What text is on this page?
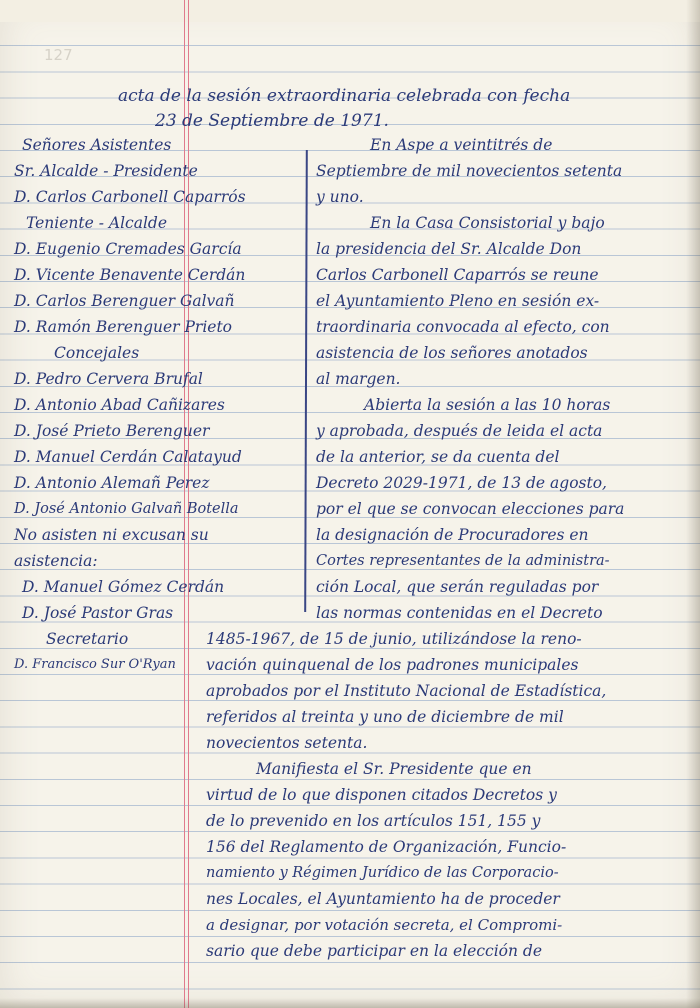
127
acta de la sesión extraordinaria celebrada con fecha
23 de Septiembre de 1971.
Señores Asistentes
Sr. Alcalde - Presidente
D. Carlos Carbonell Caparrós
Teniente - Alcalde
D. Eugenio Cremades García
D. Vicente Benavente Cerdán
D. Carlos Berenguer Galvañ
D. Ramón Berenguer Prieto
Concejales
D. Pedro Cervera Brufal
D. Antonio Abad Cañizares
D. José Prieto Berenguer
D. Manuel Cerdán Calatayud
D. Antonio Alemañ Perez
D. José Antonio Galvañ Botella
No asisten ni excusan su
asistencia:
D. Manuel Gómez Cerdán
D. José Pastor Gras
Secretario
D. Francisco Sur O'Ryan
En Aspe a veintitrés de
Septiembre de mil novecientos setenta
y uno.
En la Casa Consistorial y bajo
la presidencia del Sr. Alcalde Don
Carlos Carbonell Caparrós se reune
el Ayuntamiento Pleno en sesión ex-
traordinaria convocada al efecto, con
asistencia de los señores anotados
al margen.
Abierta la sesión a las 10 horas
y aprobada, después de leida el acta
de la anterior, se da cuenta del
Decreto 2029-1971, de 13 de agosto,
por el que se convocan elecciones para
la designación de Procuradores en
Cortes representantes de la administra-
ción Local, que serán reguladas por
las normas contenidas en el Decreto
1485-1967, de 15 de junio, utilizándose la reno-
vación quinquenal de los padrones municipales
aprobados por el Instituto Nacional de Estadística,
referidos al treinta y uno de diciembre de mil
novecientos setenta.
Manifiesta el Sr. Presidente que en
virtud de lo que disponen citados Decretos y
de lo prevenido en los artículos 151, 155 y
156 del Reglamento de Organización, Funcio-
namiento y Régimen Jurídico de las Corporacio-
nes Locales, el Ayuntamiento ha de proceder
a designar, por votación secreta, el Compromi-
sario que debe participar en la elección de
